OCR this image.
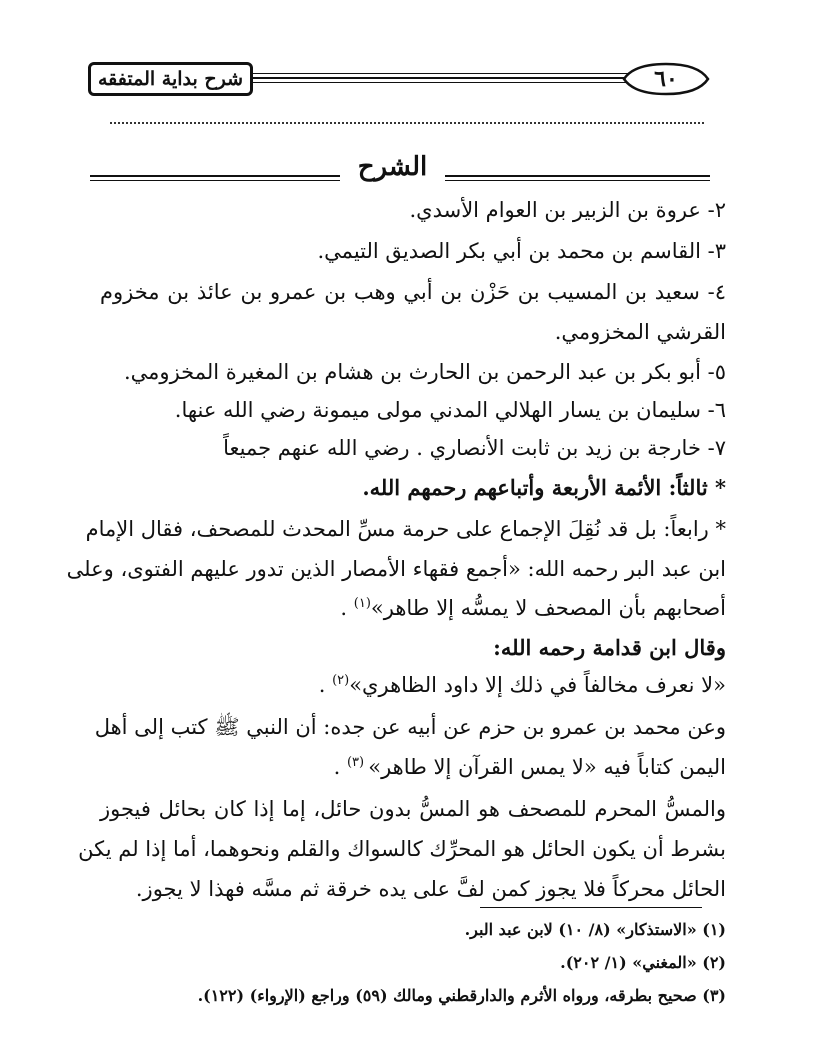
شرح بداية المتفقه	٦٠
الشرح
٢- عروة بن الزبير بن العوام الأسدي.
٣- القاسم بن محمد بن أبي بكر الصديق التيمي.
٤- سعيد بن المسيب بن حَزْن بن أبي وهب بن عمرو بن عائذ بن مخزوم
القرشي المخزومي.
٥- أبو بكر بن عبد الرحمن بن الحارث بن هشام بن المغيرة المخزومي.
٦- سليمان بن يسار الهلالي المدني مولى ميمونة رضي الله عنها.
٧- خارجة بن زيد بن ثابت الأنصاري . رضي الله عنهم جميعاً
* ثالثاً: الأئمة الأربعة وأتباعهم رحمهم الله.
* رابعاً: بل قد نُقِلَ الإجماع على حرمة مسِّ المحدث للمصحف، فقال الإمام
ابن عبد البر رحمه الله: «أجمع فقهاء الأمصار الذين تدور عليهم الفتوى، وعلى
أصحابهم بأن المصحف لا يمسُّه إلا طاهر»$^{(١)}$ .
وقال ابن قدامة رحمه الله:
«لا نعرف مخالفاً في ذلك إلا داود الظاهري»$^{(٢)}$ .
وعن محمد بن عمرو بن حزم عن أبيه عن جده: أن النبي ﷺ كتب إلى أهل
اليمن كتاباً فيه «لا يمس القرآن إلا طاهر» $^{(٣)}$ .
والمسُّ المحرم للمصحف هو المسُّ بدون حائل، إما إذا كان بحائل فيجوز
بشرط أن يكون الحائل هو المحرِّك كالسواك والقلم ونحوهما، أما إذا لم يكن
الحائل محركاً فلا يجوز كمن لفَّ على يده خرقة ثم مسَّه فهذا لا يجوز.
(١) «الاستذكار» (٨/ ١٠) لابن عبد البر.
(٢) «المغني» (١/ ٢٠٢).
(٣) صحيح بطرقه، ورواه الأثرم والدارقطني ومالك (٥٩) وراجع (الإرواء) (١٢٢).
